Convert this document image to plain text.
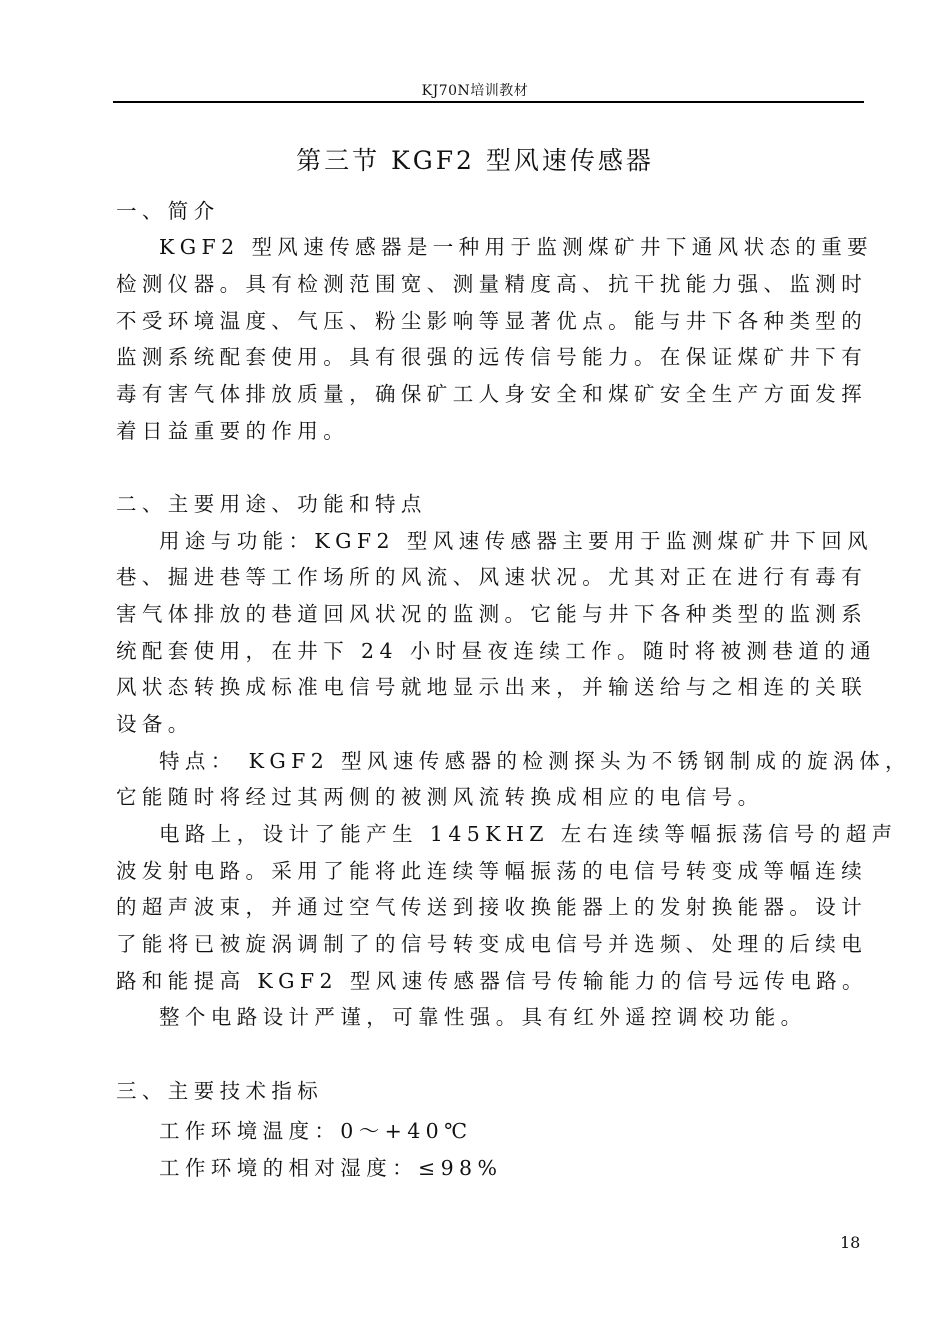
KJ70N培训教材
第三节 KGF2 型风速传感器
一、简介
KGF2 型风速传感器是一种用于监测煤矿井下通风状态的重要
检测仪器。具有检测范围宽、测量精度高、抗干扰能力强、监测时
不受环境温度、气压、粉尘影响等显著优点。能与井下各种类型的
监测系统配套使用。具有很强的远传信号能力。在保证煤矿井下有
毒有害气体排放质量，确保矿工人身安全和煤矿安全生产方面发挥
着日益重要的作用。
二、主要用途、功能和特点
用途与功能：KGF2 型风速传感器主要用于监测煤矿井下回风
巷、掘进巷等工作场所的风流、风速状况。尤其对正在进行有毒有
害气体排放的巷道回风状况的监测。它能与井下各种类型的监测系
统配套使用，在井下 24 小时昼夜连续工作。随时将被测巷道的通
风状态转换成标准电信号就地显示出来，并输送给与之相连的关联
设备。
特点： KGF2 型风速传感器的检测探头为不锈钢制成的旋涡体，
它能随时将经过其两侧的被测风流转换成相应的电信号。
电路上，设计了能产生 145KHZ 左右连续等幅振荡信号的超声
波发射电路。采用了能将此连续等幅振荡的电信号转变成等幅连续
的超声波束，并通过空气传送到接收换能器上的发射换能器。设计
了能将已被旋涡调制了的信号转变成电信号并选频、处理的后续电
路和能提高 KGF2 型风速传感器信号传输能力的信号远传电路。
整个电路设计严谨，可靠性强。具有红外遥控调校功能。
三、主要技术指标
工作环境温度：0～+40℃
工作环境的相对湿度：≤98%
18
